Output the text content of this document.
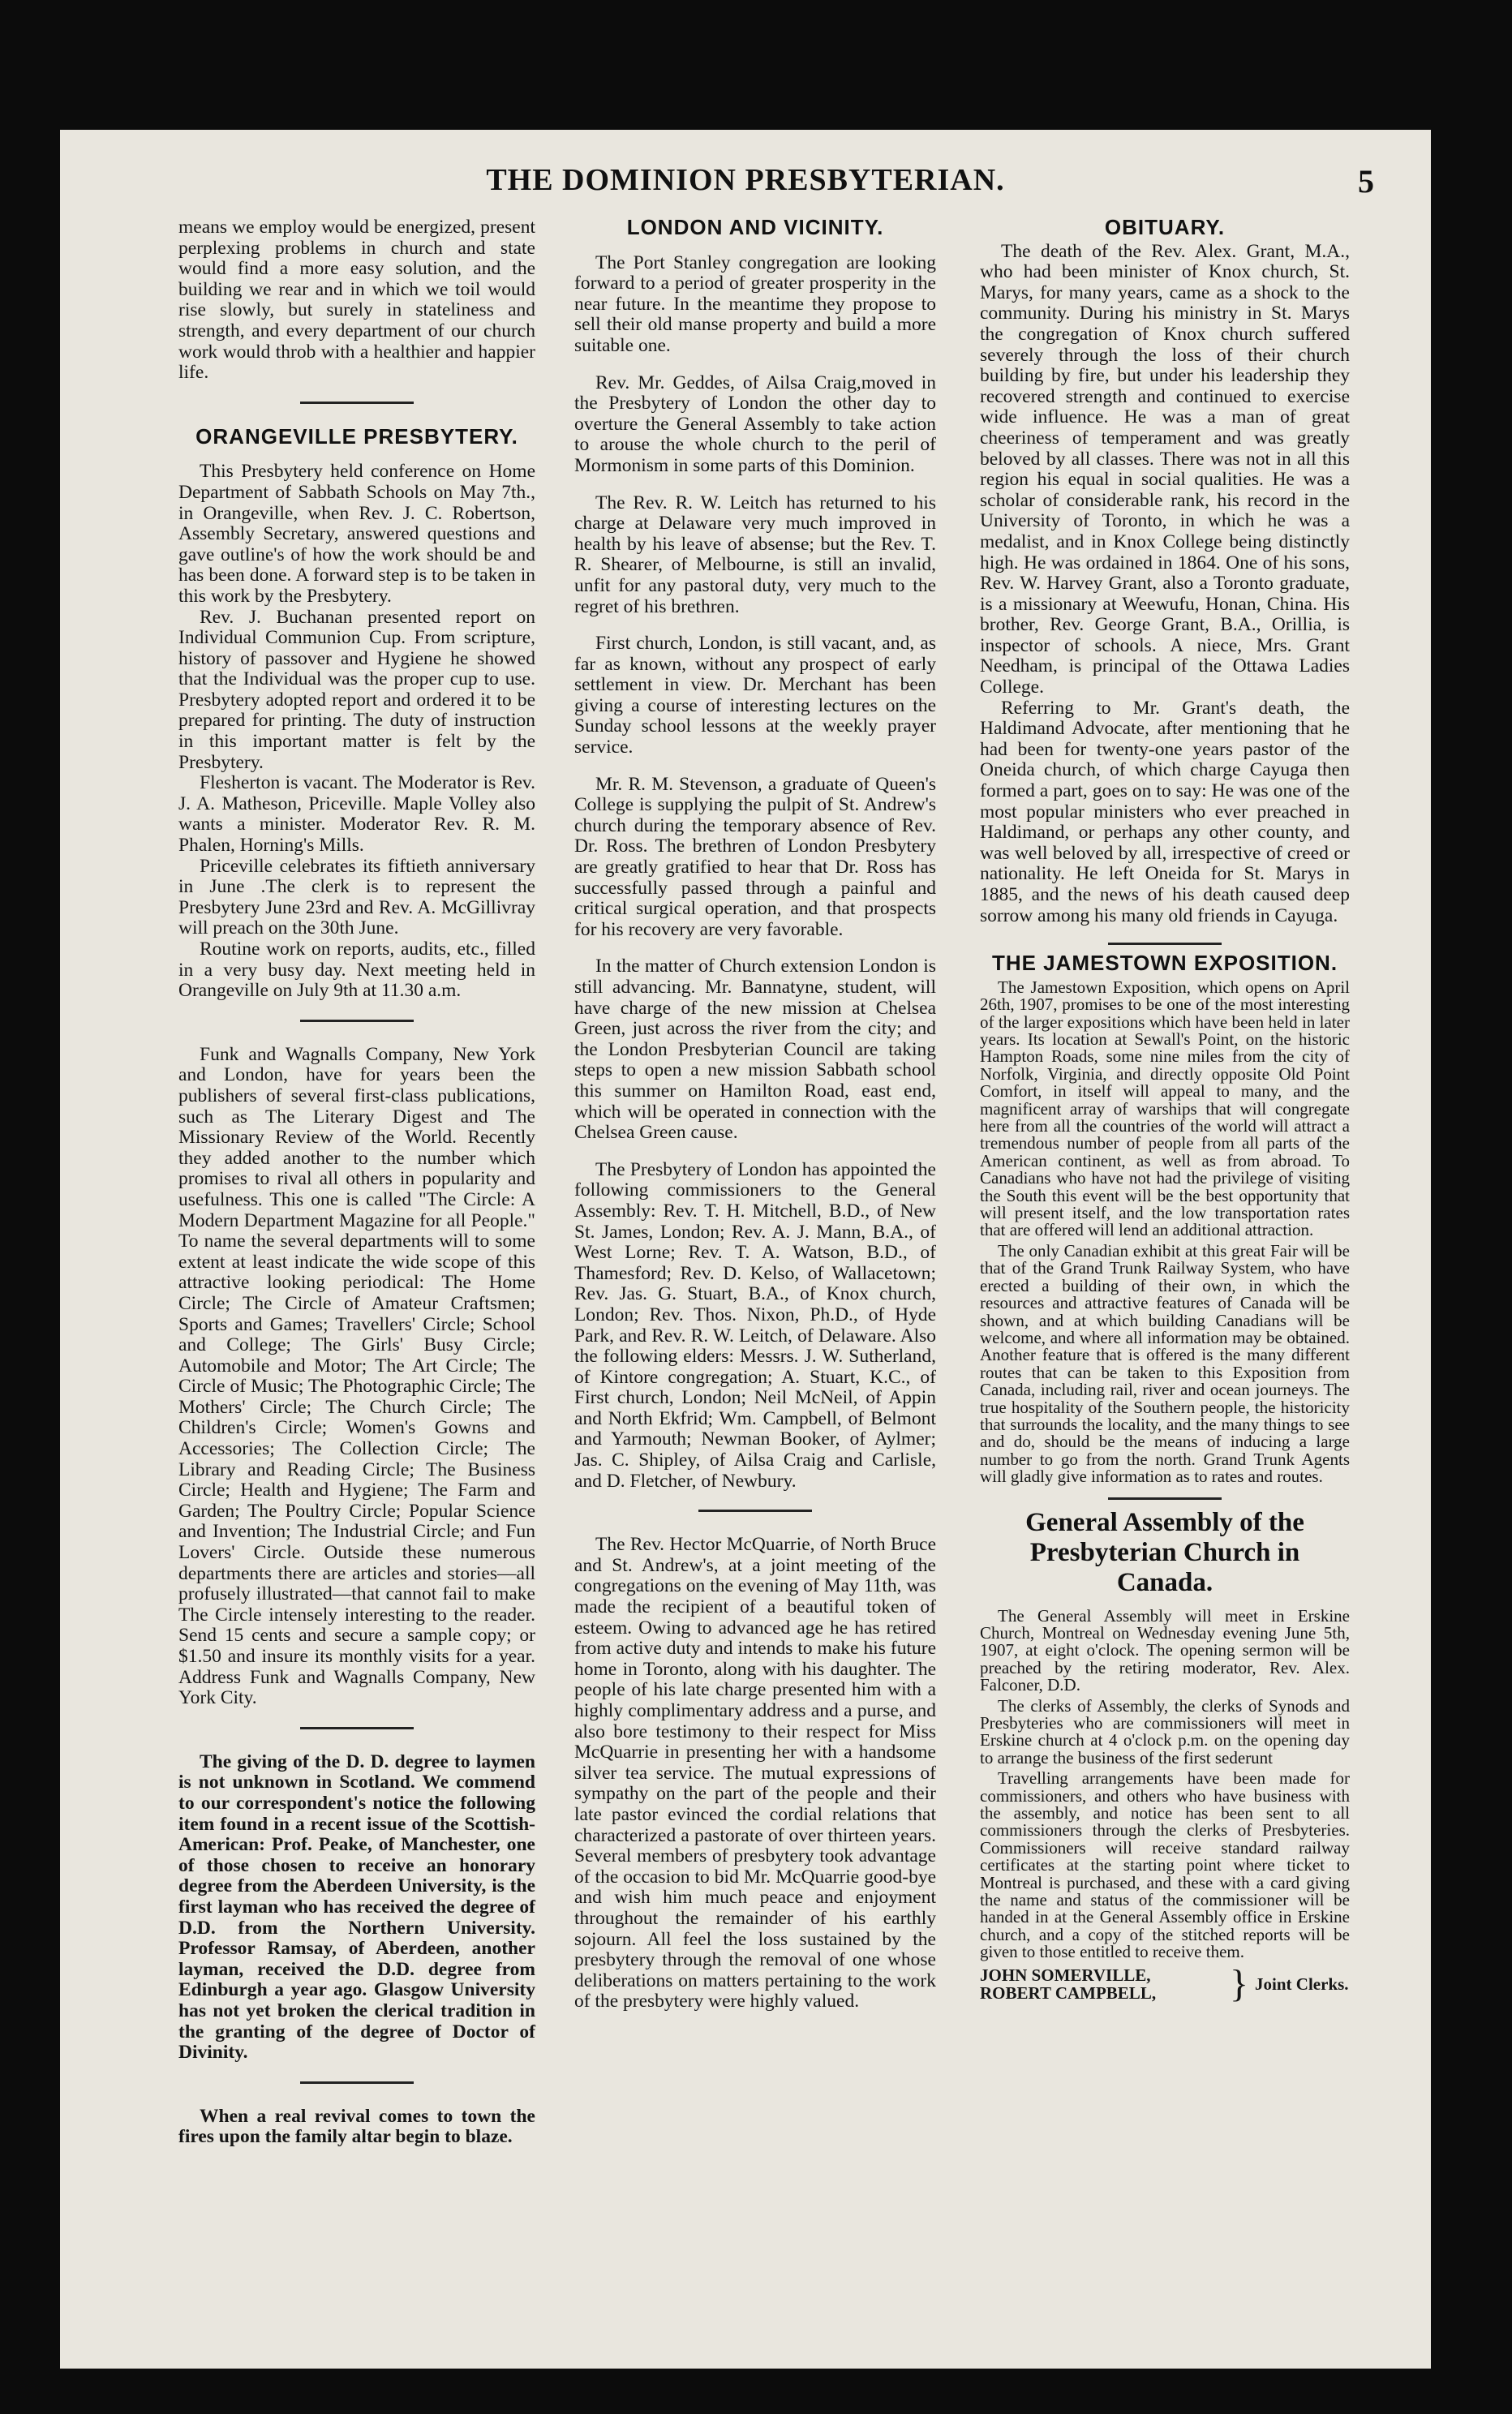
THE DOMINION PRESBYTERIAN.	5

means we employ would be energized, present perplexing problems in church and state would find a more easy solution, and the building we rear and in which we toil would rise slowly, but surely in stateliness and strength, and every department of our church work would throb with a healthier and happier life.

ORANGEVILLE PRESBYTERY.

This Presbytery held conference on Home Department of Sabbath Schools on May 7th., in Orangeville, when Rev. J. C. Robertson, Assembly Secretary, answered questions and gave outline's of how the work should be and has been done. A forward step is to be taken in this work by the Presbytery.

Rev. J. Buchanan presented report on Individual Communion Cup. From scripture, history of passover and Hygiene he showed that the Individual was the proper cup to use. Presbytery adopted report and ordered it to be prepared for printing. The duty of instruction in this important matter is felt by the Presbytery.

Flesherton is vacant. The Moderator is Rev. J. A. Matheson, Priceville. Maple Volley also wants a minister. Moderator Rev. R. M. Phalen, Horning's Mills.

Priceville celebrates its fiftieth anniversary in June .The clerk is to represent the Presbytery June 23rd and Rev. A. McGillivray will preach on the 30th June.

Routine work on reports, audits, etc., filled in a very busy day. Next meeting held in Orangeville on July 9th at 11.30 a.m.

Funk and Wagnalls Company, New York and London, have for years been the publishers of several first-class publications, such as The Literary Digest and The Missionary Review of the World. Recently they added another to the number which promises to rival all others in popularity and usefulness. This one is called "The Circle: A Modern Department Magazine for all People." To name the several departments will to some extent at least indicate the wide scope of this attractive looking periodical: The Home Circle; The Circle of Amateur Craftsmen; Sports and Games; Travellers' Circle; School and College; The Girls' Busy Circle; Automobile and Motor; The Art Circle; The Circle of Music; The Photographic Circle; The Mothers' Circle; The Church Circle; The Children's Circle; Women's Gowns and Accessories; The Collection Circle; The Library and Reading Circle; The Business Circle; Health and Hygiene; The Farm and Garden; The Poultry Circle; Popular Science and Invention; The Industrial Circle; and Fun Lovers' Circle. Outside these numerous departments there are articles and stories—all profusely illustrated—that cannot fail to make The Circle intensely interesting to the reader. Send 15 cents and secure a sample copy; or $1.50 and insure its monthly visits for a year. Address Funk and Wagnalls Company, New York City.

The giving of the D. D. degree to laymen is not unknown in Scotland. We commend to our correspondent's notice the following item found in a recent issue of the Scottish-American: Prof. Peake, of Manchester, one of those chosen to receive an honorary degree from the Aberdeen University, is the first layman who has received the degree of D.D. from the Northern University. Professor Ramsay, of Aberdeen, another layman, received the D.D. degree from Edinburgh a year ago. Glasgow University has not yet broken the clerical tradition in the granting of the degree of Doctor of Divinity.

When a real revival comes to town the fires upon the family altar begin to blaze.

LONDON AND VICINITY.

The Port Stanley congregation are looking forward to a period of greater prosperity in the near future. In the meantime they propose to sell their old manse property and build a more suitable one.

Rev. Mr. Geddes, of Ailsa Craig,moved in the Presbytery of London the other day to overture the General Assembly to take action to arouse the whole church to the peril of Mormonism in some parts of this Dominion.

The Rev. R. W. Leitch has returned to his charge at Delaware very much improved in health by his leave of absense; but the Rev. T. R. Shearer, of Melbourne, is still an invalid, unfit for any pastoral duty, very much to the regret of his brethren.

First church, London, is still vacant, and, as far as known, without any prospect of early settlement in view. Dr. Merchant has been giving a course of interesting lectures on the Sunday school lessons at the weekly prayer service.

Mr. R. M. Stevenson, a graduate of Queen's College is supplying the pulpit of St. Andrew's church during the temporary absence of Rev. Dr. Ross. The brethren of London Presbytery are greatly gratified to hear that Dr. Ross has successfully passed through a painful and critical surgical operation, and that prospects for his recovery are very favorable.

In the matter of Church extension London is still advancing. Mr. Bannatyne, student, will have charge of the new mission at Chelsea Green, just across the river from the city; and the London Presbyterian Council are taking steps to open a new mission Sabbath school this summer on Hamilton Road, east end, which will be operated in connection with the Chelsea Green cause.

The Presbytery of London has appointed the following commissioners to the General Assembly: Rev. T. H. Mitchell, B.D., of New St. James, London; Rev. A. J. Mann, B.A., of West Lorne; Rev. T. A. Watson, B.D., of Thamesford; Rev. D. Kelso, of Wallacetown; Rev. Jas. G. Stuart, B.A., of Knox church, London; Rev. Thos. Nixon, Ph.D., of Hyde Park, and Rev. R. W. Leitch, of Delaware. Also the following elders: Messrs. J. W. Sutherland, of Kintore congregation; A. Stuart, K.C., of First church, London; Neil McNeil, of Appin and North Ekfrid; Wm. Campbell, of Belmont and Yarmouth; Newman Booker, of Aylmer; Jas. C. Shipley, of Ailsa Craig and Carlisle, and D. Fletcher, of Newbury.

The Rev. Hector McQuarrie, of North Bruce and St. Andrew's, at a joint meeting of the congregations on the evening of May 11th, was made the recipient of a beautiful token of esteem. Owing to advanced age he has retired from active duty and intends to make his future home in Toronto, along with his daughter. The people of his late charge presented him with a highly complimentary address and a purse, and also bore testimony to their respect for Miss McQuarrie in presenting her with a handsome silver tea service. The mutual expressions of sympathy on the part of the people and their late pastor evinced the cordial relations that characterized a pastorate of over thirteen years. Several members of presbytery took advantage of the occasion to bid Mr. McQuarrie good-bye and wish him much peace and enjoyment throughout the remainder of his earthly sojourn. All feel the loss sustained by the presbytery through the removal of one whose deliberations on matters pertaining to the work of the presbytery were highly valued.

OBITUARY.

The death of the Rev. Alex. Grant, M.A., who had been minister of Knox church, St. Marys, for many years, came as a shock to the community. During his ministry in St. Marys the congregation of Knox church suffered severely through the loss of their church building by fire, but under his leadership they recovered strength and continued to exercise wide influence. He was a man of great cheeriness of temperament and was greatly beloved by all classes. There was not in all this region his equal in social qualities. He was a scholar of considerable rank, his record in the University of Toronto, in which he was a medalist, and in Knox College being distinctly high. He was ordained in 1864. One of his sons, Rev. W. Harvey Grant, also a Toronto graduate, is a missionary at Weewufu, Honan, China. His brother, Rev. George Grant, B.A., Orillia, is inspector of schools. A niece, Mrs. Grant Needham, is principal of the Ottawa Ladies College.

Referring to Mr. Grant's death, the Haldimand Advocate, after mentioning that he had been for twenty-one years pastor of the Oneida church, of which charge Cayuga then formed a part, goes on to say: He was one of the most popular ministers who ever preached in Haldimand, or perhaps any other county, and was well beloved by all, irrespective of creed or nationality. He left Oneida for St. Marys in 1885, and the news of his death caused deep sorrow among his many old friends in Cayuga.

THE JAMESTOWN EXPOSITION.

The Jamestown Exposition, which opens on April 26th, 1907, promises to be one of the most interesting of the larger expositions which have been held in later years. Its location at Sewall's Point, on the historic Hampton Roads, some nine miles from the city of Norfolk, Virginia, and directly opposite Old Point Comfort, in itself will appeal to many, and the magnificent array of warships that will congregate here from all the countries of the world will attract a tremendous number of people from all parts of the American continent, as well as from abroad. To Canadians who have not had the privilege of visiting the South this event will be the best opportunity that will present itself, and the low transportation rates that are offered will lend an additional attraction.

The only Canadian exhibit at this great Fair will be that of the Grand Trunk Railway System, who have erected a building of their own, in which the resources and attractive features of Canada will be shown, and at which building Canadians will be welcome, and where all information may be obtained. Another feature that is offered is the many different routes that can be taken to this Exposition from Canada, including rail, river and ocean journeys. The true hospitality of the Southern people, the historicity that surrounds the locality, and the many things to see and do, should be the means of inducing a large number to go from the north. Grand Trunk Agents will gladly give information as to rates and routes.

General Assembly of the Presbyterian Church in Canada.

The General Assembly will meet in Erskine Church, Montreal on Wednesday evening June 5th, 1907, at eight o'clock. The opening sermon will be preached by the retiring moderator, Rev. Alex. Falconer, D.D.

The clerks of Assembly, the clerks of Synods and Presbyteries who are commissioners will meet in Erskine church at 4 o'clock p.m. on the opening day to arrange the business of the first sederunt

Travelling arrangements have been made for commissioners, and others who have business with the assembly, and notice has been sent to all commissioners through the clerks of Presbyteries. Commissioners will receive standard railway certificates at the starting point where ticket to Montreal is purchased, and these with a card giving the name and status of the commissioner will be handed in at the General Assembly office in Erskine church, and a copy of the stitched reports will be given to those entitled to receive them.

JOHN SOMERVILLE,
ROBERT CAMPBELL,	} Joint Clerks.
